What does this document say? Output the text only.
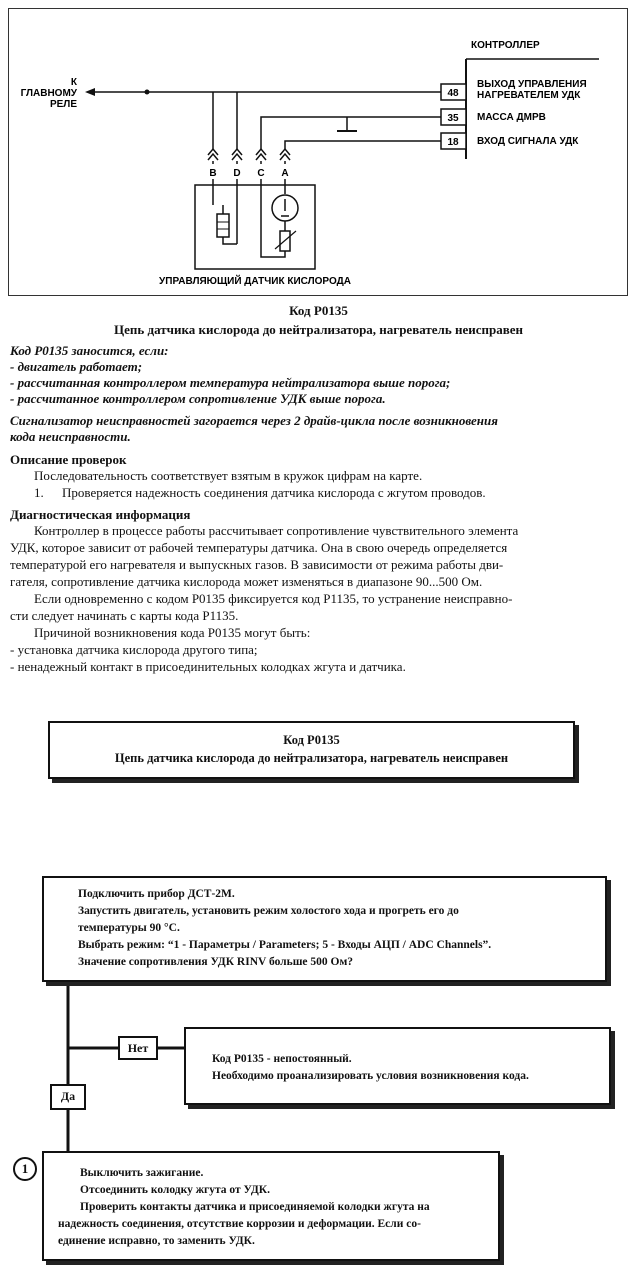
КОНТРОЛЛЕР
48
35
18
ВЫХОД УПРАВЛЕНИЯ
НАГРЕВАТЕЛЕМ УДК
МАССА ДМРВ
ВХОД СИГНАЛА УДК
К
ГЛАВНОМУ
РЕЛЕ
B D C A
УПРАВЛЯЮЩИЙ ДАТЧИК КИСЛОРОДА
Код P0135
Цепь датчика кислорода до нейтрализатора, нагреватель неисправен
Код P0135 заносится, если:
- двигатель работает;
- рассчитанная контроллером температура нейтрализатора выше порога;
- рассчитанное контроллером сопротивление УДК выше порога.
Сигнализатор неисправностей загорается через 2 драйв-цикла после возникновения
кода неисправности.
Описание проверок
Последовательность соответствует взятым в кружок цифрам на карте.
1.	Проверяется надежность соединения датчика кислорода с жгутом проводов.
Диагностическая информация
Контроллер в процессе работы рассчитывает сопротивление чувствительного элемента
УДК, которое зависит от рабочей температуры датчика. Она в свою очередь определяется
температурой его нагревателя и выпускных газов. В зависимости от режима работы дви-
гателя, сопротивление датчика кислорода может изменяться в диапазоне 90...500 Ом.
Если одновременно с кодом P0135 фиксируется код P1135, то устранение неисправно-
сти следует начинать с карты кода P1135.
Причиной возникновения кода P0135 могут быть:
- установка датчика кислорода другого типа;
- ненадежный контакт в присоединительных колодках жгута и датчика.
Код P0135
Цепь датчика кислорода до нейтрализатора, нагреватель неисправен

Подключить прибор ДСТ-2М.

Запустить двигатель, установить режим холостого хода и прогреть его до

температуры 90 °С.

Выбрать режим: “1 - Параметры / Parameters; 5 - Входы АЦП / ADC Channels”.

Значение сопротивления УДК RINV больше 500 Ом?

Нет

Код P0135 - непостоянный.

Необходимо проанализировать условия возникновения кода.

Да
1	Выключить зажигание.

Отсоединить колодку жгута от УДК.

Проверить контакты датчика и присоединяемой колодки жгута на

надежность соединения, отсутствие коррозии и деформации. Если со-

единение исправно, то заменить УДК.
